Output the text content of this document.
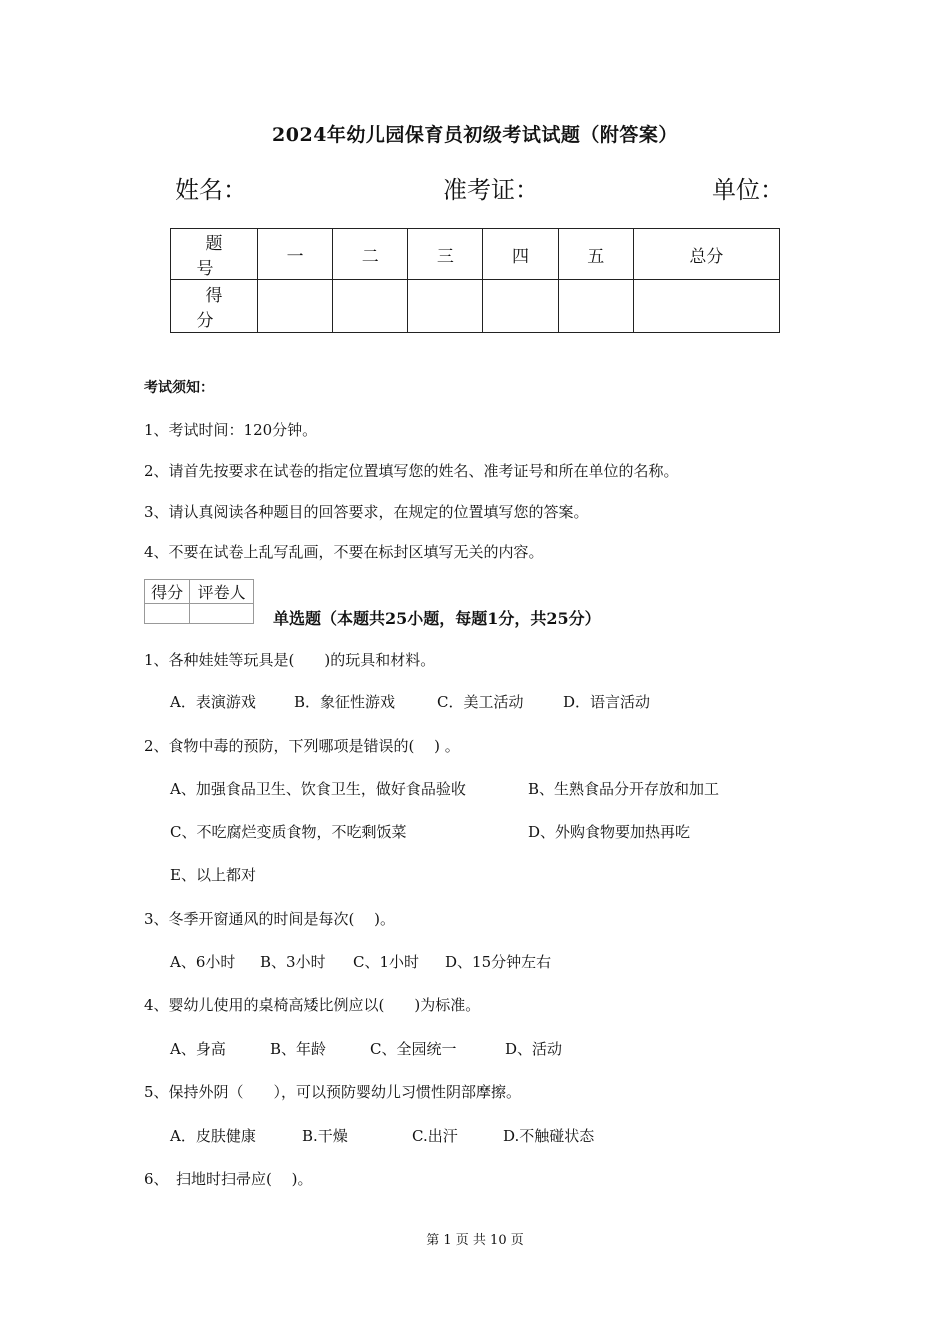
2024年幼儿园保育员初级考试试题（附答案）
姓名：	准考证：	单位：
题号	一	二	三	四	五	总分
得分						
考试须知：
1、考试时间：120分钟。
2、请首先按要求在试卷的指定位置填写您的姓名、准考证号和所在单位的名称。
3、请认真阅读各种题目的回答要求，在规定的位置填写您的答案。
4、不要在试卷上乱写乱画，不要在标封区填写无关的内容。
得分	评卷人

单选题（本题共25小题，每题1分，共25分）
1、各种娃娃等玩具是(　　)的玩具和材料。
A．表演游戏	B．象征性游戏	C．美工活动	D．语言活动
2、食物中毒的预防，下列哪项是错误的(　 ) 。
A、加强食品卫生、饮食卫生，做好食品验收	B、生熟食品分开存放和加工
C、不吃腐烂变质食物，不吃剩饭菜	D、外购食物要加热再吃
E、以上都对
3、冬季开窗通风的时间是每次(　 )。
A、6小时 B、3小时 C、1小时 D、15分钟左右
4、婴幼儿使用的桌椅高矮比例应以(　　)为标准。
A、身高	B、年龄	C、全园统一	D、活动
5、保持外阴（　　），可以预防婴幼儿习惯性阴部摩擦。
A．皮肤健康	B.干燥	C.出汗	D.不触碰状态
6、　扫地时扫帚应(　 )。
第 1 页 共 10 页
